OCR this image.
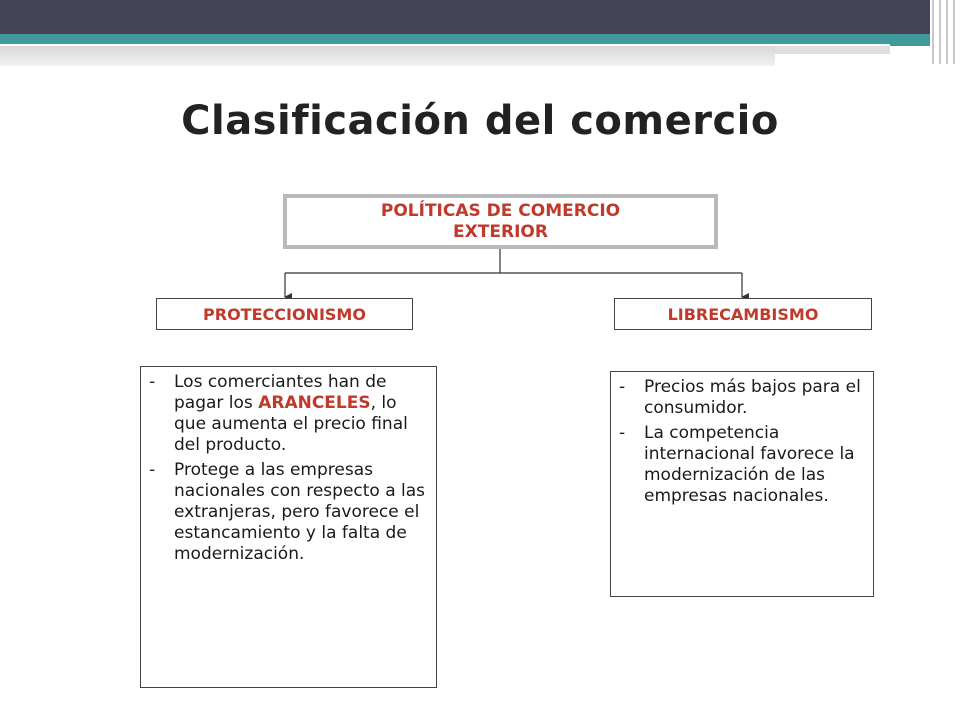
Clasificación del comercio
POLÍTICAS DE COMERCIO
EXTERIOR
PROTECCIONISMO	LIBRECAMBISMO
-	Los comerciantes han de pagar los ARANCELES, lo que aumenta el precio final del producto.
-	Protege a las empresas nacionales con respecto a las extranjeras, pero favorece el estancamiento y la falta de modernización.
-	Precios más bajos para el consumidor.
-	La competencia internacional favorece la modernización de las empresas nacionales.
